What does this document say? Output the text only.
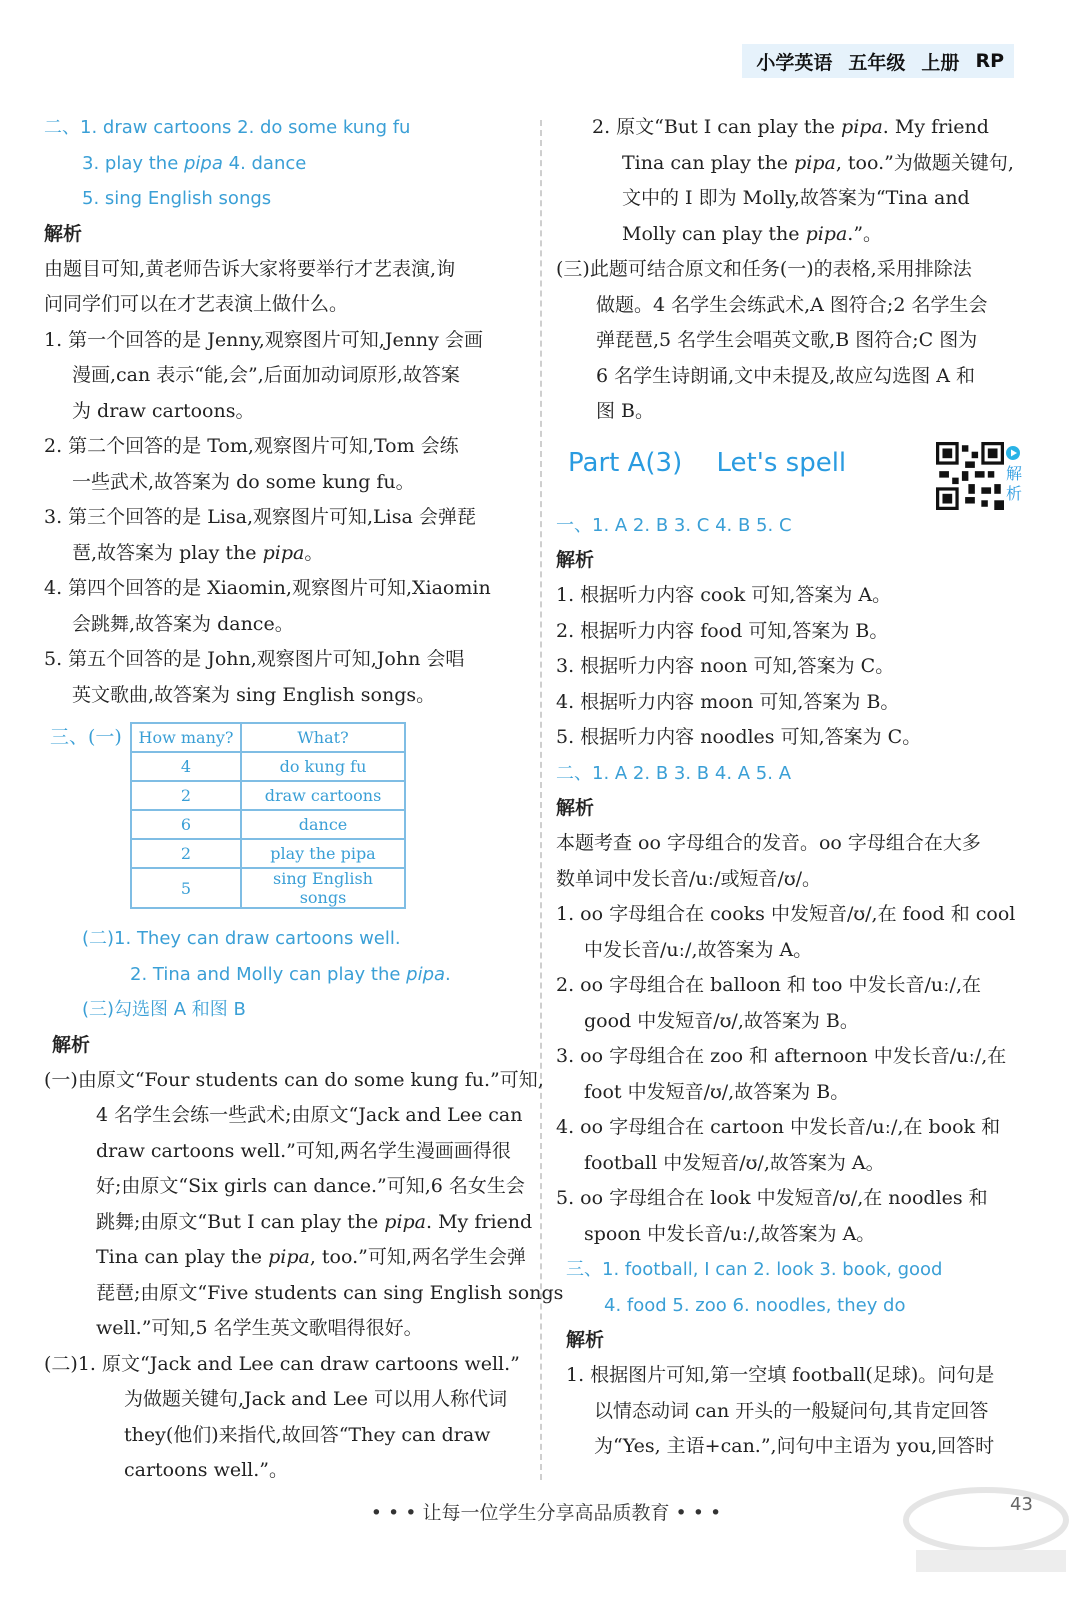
小学英语 五年级 上册 RP
二、1. draw cartoons 2. do some kung fu
3. play the pipa 4. dance
5. sing English songs
解析
由题目可知,黄老师告诉大家将要举行才艺表演,询
问同学们可以在才艺表演上做什么。
1. 第一个回答的是 Jenny,观察图片可知,Jenny 会画
漫画,can 表示“能,会”,后面加动词原形,故答案
为 draw cartoons。
2. 第二个回答的是 Tom,观察图片可知,Tom 会练
一些武术,故答案为 do some kung fu。
3. 第三个回答的是 Lisa,观察图片可知,Lisa 会弹琵
琶,故答案为 play the pipa。
4. 第四个回答的是 Xiaomin,观察图片可知,Xiaomin
会跳舞,故答案为 dance。
5. 第五个回答的是 John,观察图片可知,John 会唱
英文歌曲,故答案为 sing English songs。
三、(一) How many?	What?
4	do kung fu
2	draw cartoons
6	dance
2	play the pipa
5	sing English songs
(二)1. They can draw cartoons well.
2. Tina and Molly can play the pipa.
(三)勾选图 A 和图 B
解析
(一)由原文“Four students can do some kung fu.”可知,
4 名学生会练一些武术;由原文“Jack and Lee can
draw cartoons well.”可知,两名学生漫画画得很
好;由原文“Six girls can dance.”可知,6 名女生会
跳舞;由原文“But I can play the pipa. My friend
Tina can play the pipa, too.”可知,两名学生会弹
琵琶;由原文“Five students can sing English songs
well.”可知,5 名学生英文歌唱得很好。
(二)1. 原文“Jack and Lee can draw cartoons well.”
为做题关键句,Jack and Lee 可以用人称代词
they(他们)来指代,故回答“They can draw
cartoons well.”。
2. 原文“But I can play the pipa. My friend
Tina can play the pipa, too.”为做题关键句,
文中的 I 即为 Molly,故答案为“Tina and
Molly can play the pipa.”。
(三)此题可结合原文和任务(一)的表格,采用排除法
做题。4 名学生会练武术,A 图符合;2 名学生会
弹琵琶,5 名学生会唱英文歌,B 图符合;C 图为
6 名学生诗朗诵,文中未提及,故应勾选图 A 和
图 B。
Part A(3) Let's spell
一、1. A 2. B 3. C 4. B 5. C
解析
1. 根据听力内容 cook 可知,答案为 A。
2. 根据听力内容 food 可知,答案为 B。
3. 根据听力内容 noon 可知,答案为 C。
4. 根据听力内容 moon 可知,答案为 B。
5. 根据听力内容 noodles 可知,答案为 C。
二、1. A 2. B 3. B 4. A 5. A
解析
本题考查 oo 字母组合的发音。oo 字母组合在大多
数单词中发长音/uː/或短音/ʊ/。
1. oo 字母组合在 cooks 中发短音/ʊ/,在 food 和 cool
中发长音/uː/,故答案为 A。
2. oo 字母组合在 balloon 和 too 中发长音/uː/,在
good 中发短音/ʊ/,故答案为 B。
3. oo 字母组合在 zoo 和 afternoon 中发长音/uː/,在
foot 中发短音/ʊ/,故答案为 B。
4. oo 字母组合在 cartoon 中发长音/uː/,在 book 和
football 中发短音/ʊ/,故答案为 A。
5. oo 字母组合在 look 中发短音/ʊ/,在 noodles 和
spoon 中发长音/uː/,故答案为 A。
三、1. football, I can 2. look 3. book, good
4. food 5. zoo 6. noodles, they do
解析
1. 根据图片可知,第一空填 football(足球)。问句是
以情态动词 can 开头的一般疑问句,其肯定回答
为“Yes, 主语+can.”,问句中主语为 you,回答时
解析
• • • 让每一位学生分享高品质教育 • • •	43
